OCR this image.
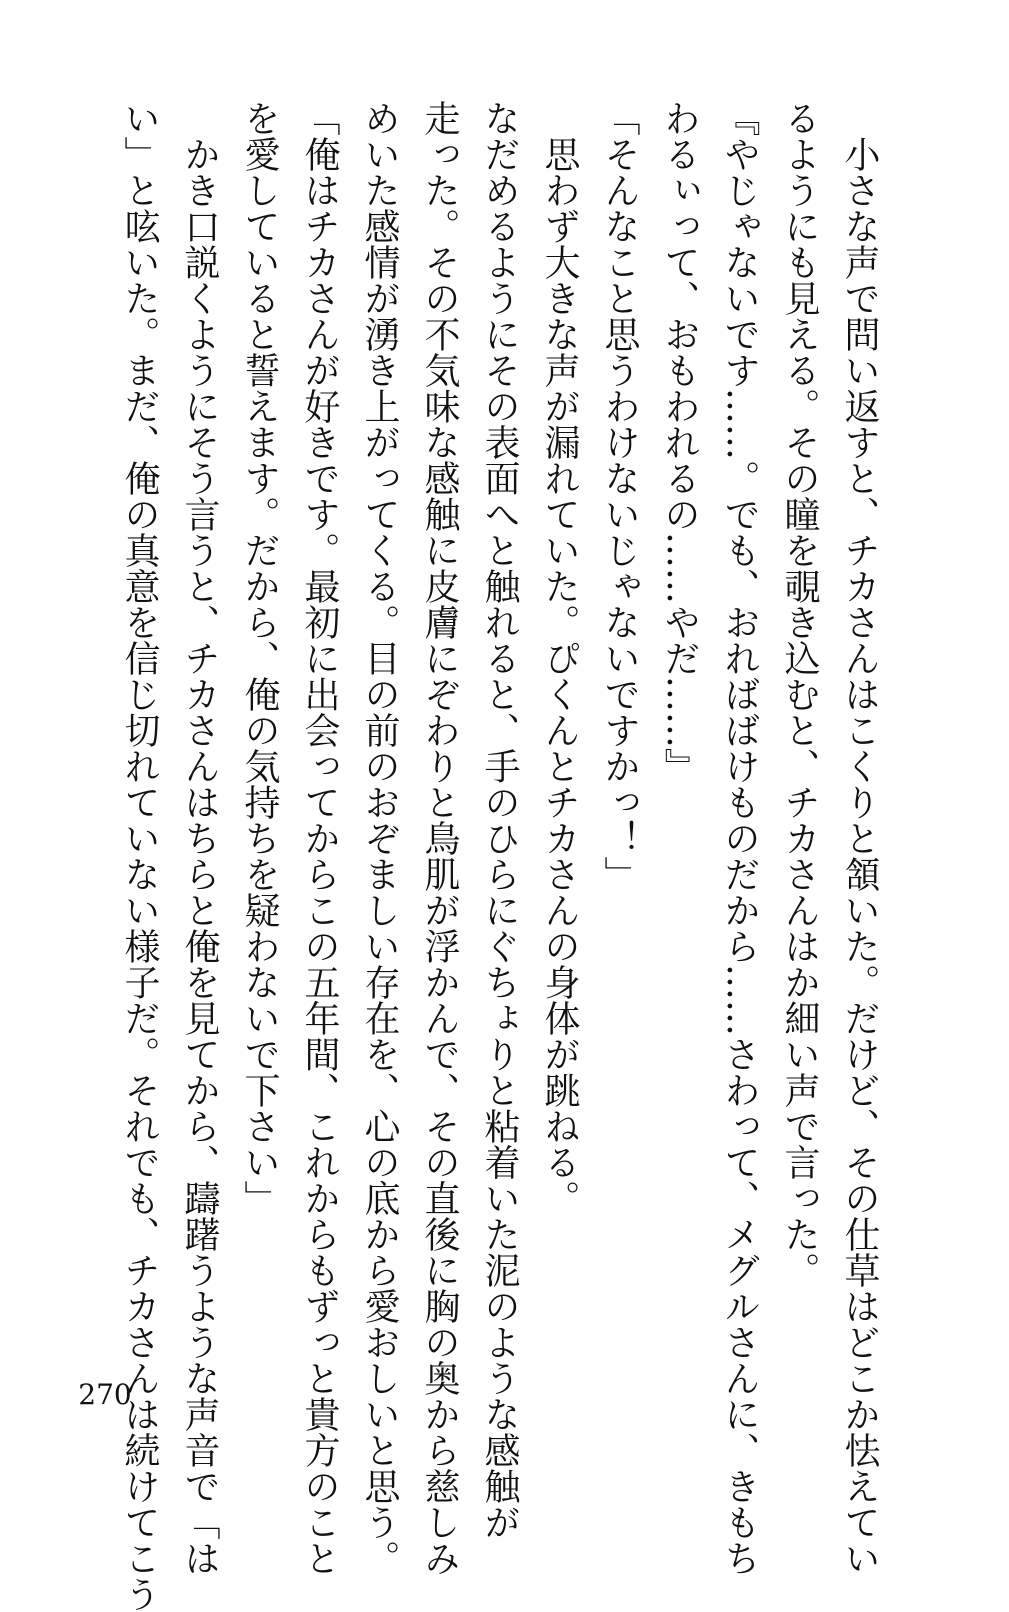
　小さな声で問い返すと、チカさんはこくりと頷いた。だけど、その仕草はどこか怯えてい
るようにも見える。その瞳を覗き込むと、チカさんはか細い声で言った。
『やじゃないです……。でも、おればばけものだから……さわって、メグルさんに、きもち
わるぃって、おもわれるの……やだ……』
「そんなこと思うわけないじゃないですかっ！」
　思わず大きな声が漏れていた。ぴくんとチカさんの身体が跳ねる。
なだめるようにその表面へと触れると、手のひらにぐちょりと粘着いた泥のような感触が
走った。その不気味な感触に皮膚にぞわりと鳥肌が浮かんで、その直後に胸の奥から慈しみ
めいた感情が湧き上がってくる。目の前のおぞましい存在を、心の底から愛おしいと思う。
「俺はチカさんが好きです。最初に出会ってからこの五年間、これからもずっと貴方のこと
を愛していると誓えます。だから、俺の気持ちを疑わないで下さい」
　かき口説くようにそう言うと、チカさんはちらと俺を見てから、躊躇うような声音で「は
い」と呟いた。まだ、俺の真意を信じ切れていない様子だ。それでも、チカさんは続けてこう
270
